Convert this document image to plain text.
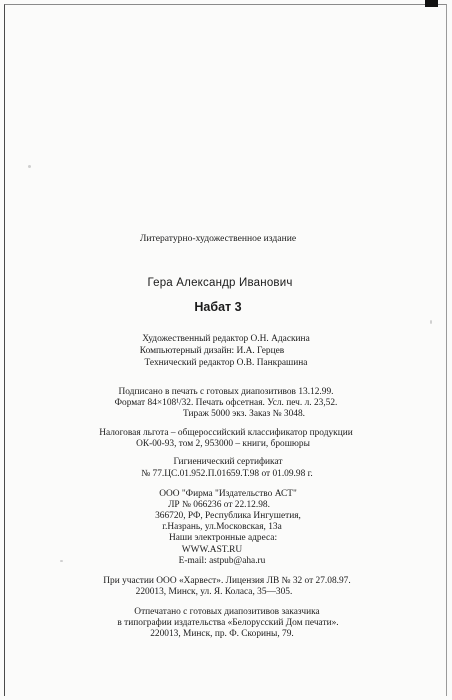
Литературно-художественное издание
Гера Александр Иванович
Набат 3
Художественный редактор О.Н. Адаскина
Компьютерный дизайн: И.А. Герцев
Технический редактор О.В. Панкрашина
Подписано в печать с готовых диапозитивов 13.12.99.
Формат 84×108¹/32. Печать офсетная. Усл. печ. л. 23,52.
Тираж 5000 экз. Заказ № 3048.
Налоговая льгота – общероссийский классификатор продукции
ОК-00-93, том 2, 953000 – книги, брошюры
Гигиенический сертификат
№ 77.ЦС.01.952.П.01659.Т.98 от 01.09.98 г.
ООО "Фирма "Издательство АСТ"
ЛР № 066236 от 22.12.98.
366720, РФ, Республика Ингушетия,
г.Назрань, ул.Московская, 13а
Наши электронные адреса:
WWW.AST.RU
E-mail: astpub@aha.ru
При участии ООО «Харвест». Лицензия ЛВ № 32 от 27.08.97.
220013, Минск, ул. Я. Коласа, 35—305.
Отпечатано с готовых диапозитивов заказчика
в типографии издательства «Белорусский Дом печати».
220013, Минск, пр. Ф. Скорины, 79.
